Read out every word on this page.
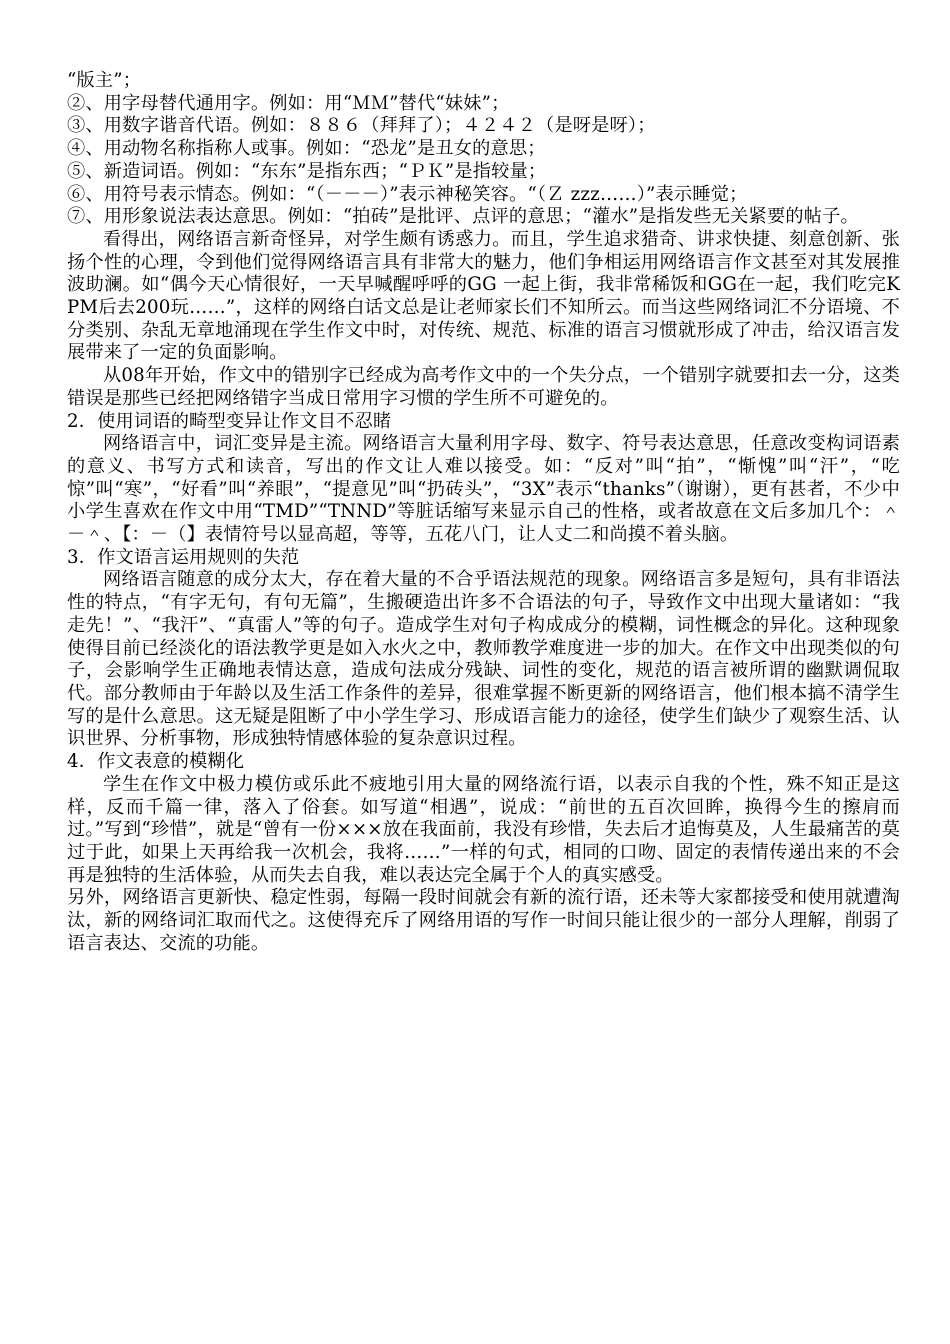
“版主”；

②、用字母替代通用字。例如：用“ＭＭ”替代“妹妹”；

③、用数字谐音代语。例如：８８６（拜拜了）；４２４２（是呀是呀）；

④、用动物名称指称人或事。例如：“恐龙”是丑女的意思；

⑤、新造词语。例如：“东东”是指东西；“ＰＫ”是指较量；

⑥、用符号表示情态。例如：“（－－－）”表示神秘笑容。“（Ｚ zzz……）”表示睡觉；

⑦、用形象说法表达意思。例如：“拍砖”是批评、点评的意思；“灌水”是指发些无关紧要的帖子。

看得出，网络语言新奇怪异，对学生颇有诱惑力。而且，学生追求猎奇、讲求快捷、刻意创新、张扬个性的心理，令到他们觉得网络语言具有非常大的魅力，他们争相运用网络语言作文甚至对其发展推波助澜。如“偶今天心情很好，一天早喊醒呼呼的GG 一起上街，我非常稀饭和GG在一起，我们吃完KPM后去200玩……”，这样的网络白话文总是让老师家长们不知所云。而当这些网络词汇不分语境、不分类别、杂乱无章地涌现在学生作文中时，对传统、规范、标准的语言习惯就形成了冲击，给汉语言发展带来了一定的负面影响。

从08年开始，作文中的错别字已经成为高考作文中的一个失分点，一个错别字就要扣去一分，这类错误是那些已经把网络错字当成日常用字习惯的学生所不可避免的。

2．使用词语的畸型变异让作文目不忍睹

网络语言中，词汇变异是主流。网络语言大量利用字母、数字、符号表达意思，任意改变构词语素的意义、书写方式和读音，写出的作文让人难以接受。如：“反对”叫“拍”，“惭愧”叫“汗”，“吃惊”叫“寒”，“好看”叫“养眼”，“提意见”叫“扔砖头”，“3X”表示“thanks”（谢谢），更有甚者，不少中小学生喜欢在作文中用“TMD”“TNND”等脏话缩写来显示自己的性格，或者故意在文后多加几个：＾－＾、【：－（】表情符号以显高超，等等，五花八门，让人丈二和尚摸不着头脑。

3．作文语言运用规则的失范

网络语言随意的成分太大，存在着大量的不合乎语法规范的现象。网络语言多是短句，具有非语法性的特点，“有字无句，有句无篇”，生搬硬造出许多不合语法的句子，导致作文中出现大量诸如：“我走先！”、“我汗”、“真雷人”等的句子。造成学生对句子构成成分的模糊，词性概念的异化。这种现象使得目前已经淡化的语法教学更是如入水火之中，教师教学难度进一步的加大。在作文中出现类似的句子，会影响学生正确地表情达意，造成句法成分残缺、词性的变化，规范的语言被所谓的幽默调侃取代。部分教师由于年龄以及生活工作条件的差异，很难掌握不断更新的网络语言，他们根本搞不清学生写的是什么意思。这无疑是阻断了中小学生学习、形成语言能力的途径，使学生们缺少了观察生活、认识世界、分析事物，形成独特情感体验的复杂意识过程。

4．作文表意的模糊化

学生在作文中极力模仿或乐此不疲地引用大量的网络流行语，以表示自我的个性，殊不知正是这样，反而千篇一律，落入了俗套。如写道“相遇”，说成：“前世的五百次回眸，换得今生的擦肩而过。”写到“珍惜”，就是“曾有一份×××放在我面前，我没有珍惜，失去后才追悔莫及，人生最痛苦的莫过于此，如果上天再给我一次机会，我将……”一样的句式，相同的口吻、固定的表情传递出来的不会再是独特的生活体验，从而失去自我，难以表达完全属于个人的真实感受。

另外，网络语言更新快、稳定性弱，每隔一段时间就会有新的流行语，还未等大家都接受和使用就遭淘汰，新的网络词汇取而代之。这使得充斥了网络用语的写作一时间只能让很少的一部分人理解，削弱了语言表达、交流的功能。
